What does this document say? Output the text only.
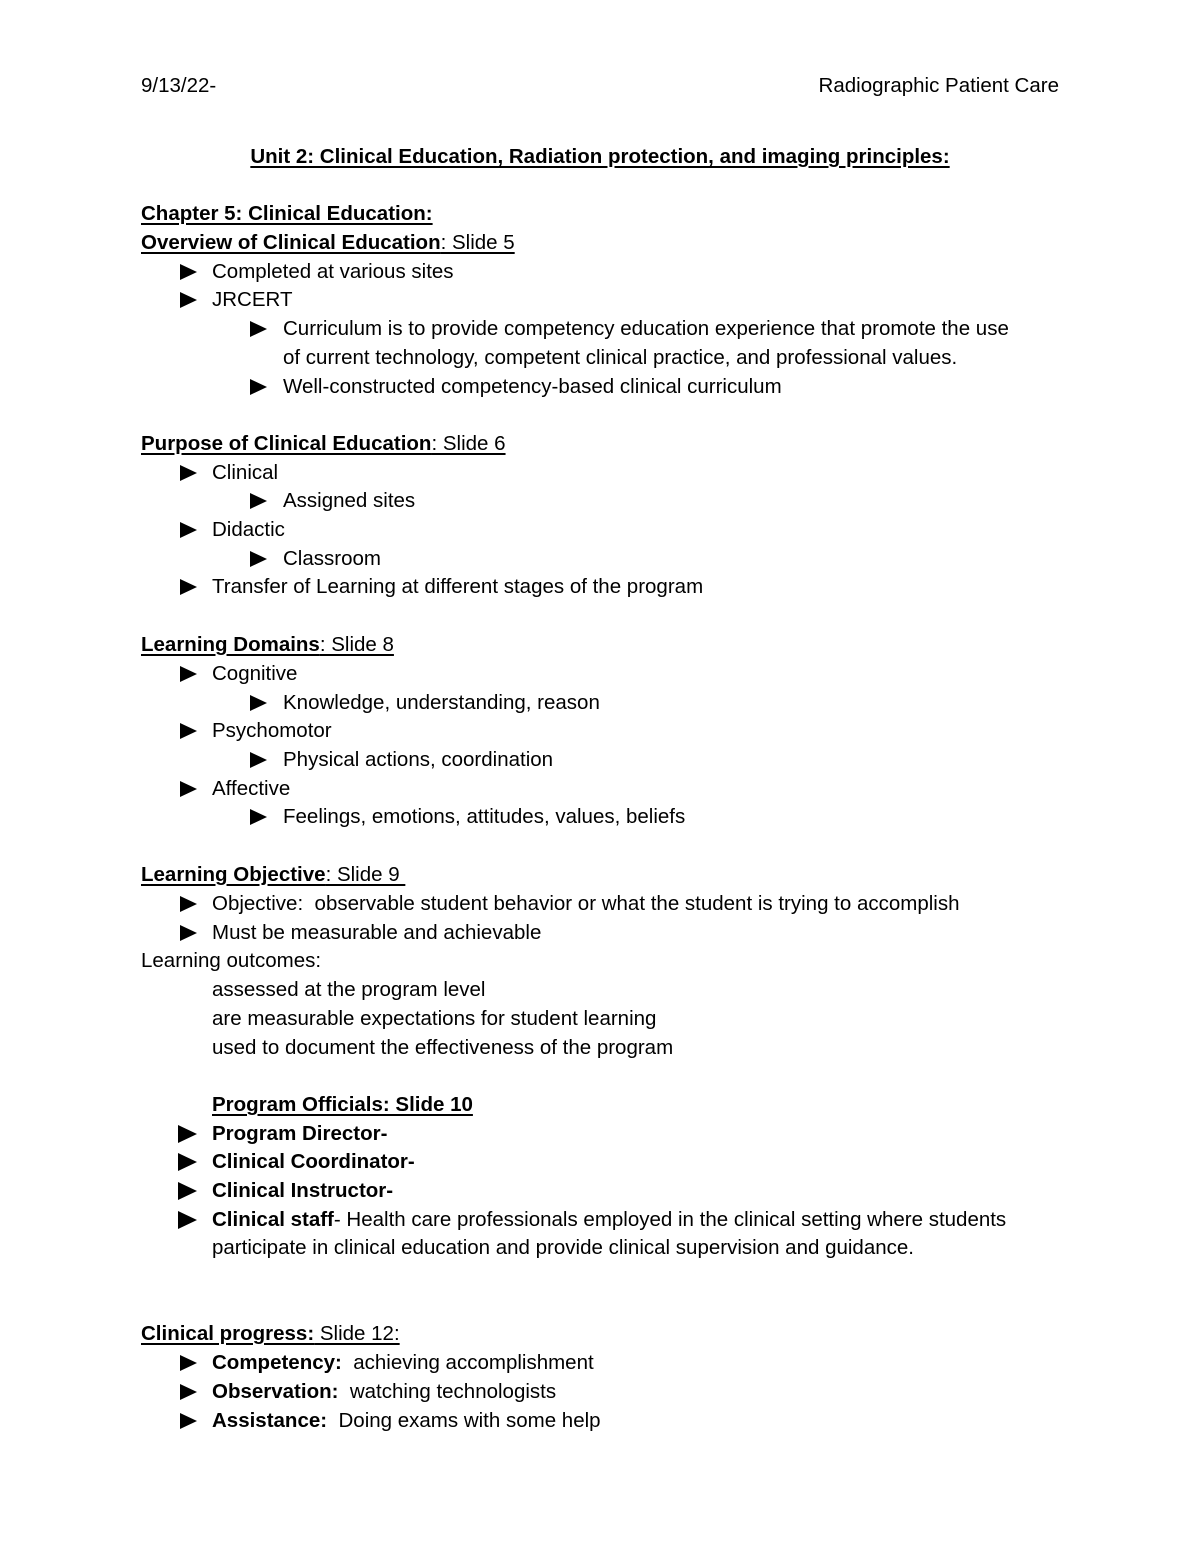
9/13/22-	Radiographic Patient Care
Unit 2: Clinical Education, Radiation protection, and imaging principles:
Chapter 5: Clinical Education:
Overview of Clinical Education: Slide 5
Completed at various sites
JRCERT
Curriculum is to provide competency education experience that promote the use
of current technology, competent clinical practice, and professional values.
Well-constructed competency-based clinical curriculum
Purpose of Clinical Education: Slide 6
Clinical
Assigned sites
Didactic
Classroom
Transfer of Learning at different stages of the program
Learning Domains: Slide 8
Cognitive
Knowledge, understanding, reason
Psychomotor
Physical actions, coordination
Affective
Feelings, emotions, attitudes, values, beliefs
Learning Objective: Slide 9
Objective:  observable student behavior or what the student is trying to accomplish
Must be measurable and achievable
Learning outcomes:
assessed at the program level
are measurable expectations for student learning
used to document the effectiveness of the program
Program Officials: Slide 10
Program Director-
Clinical Coordinator-
Clinical Instructor-
Clinical staff- Health care professionals employed in the clinical setting where students
participate in clinical education and provide clinical supervision and guidance.
Clinical progress: Slide 12:
Competency:  achieving accomplishment
Observation:  watching technologists
Assistance:  Doing exams with some help
